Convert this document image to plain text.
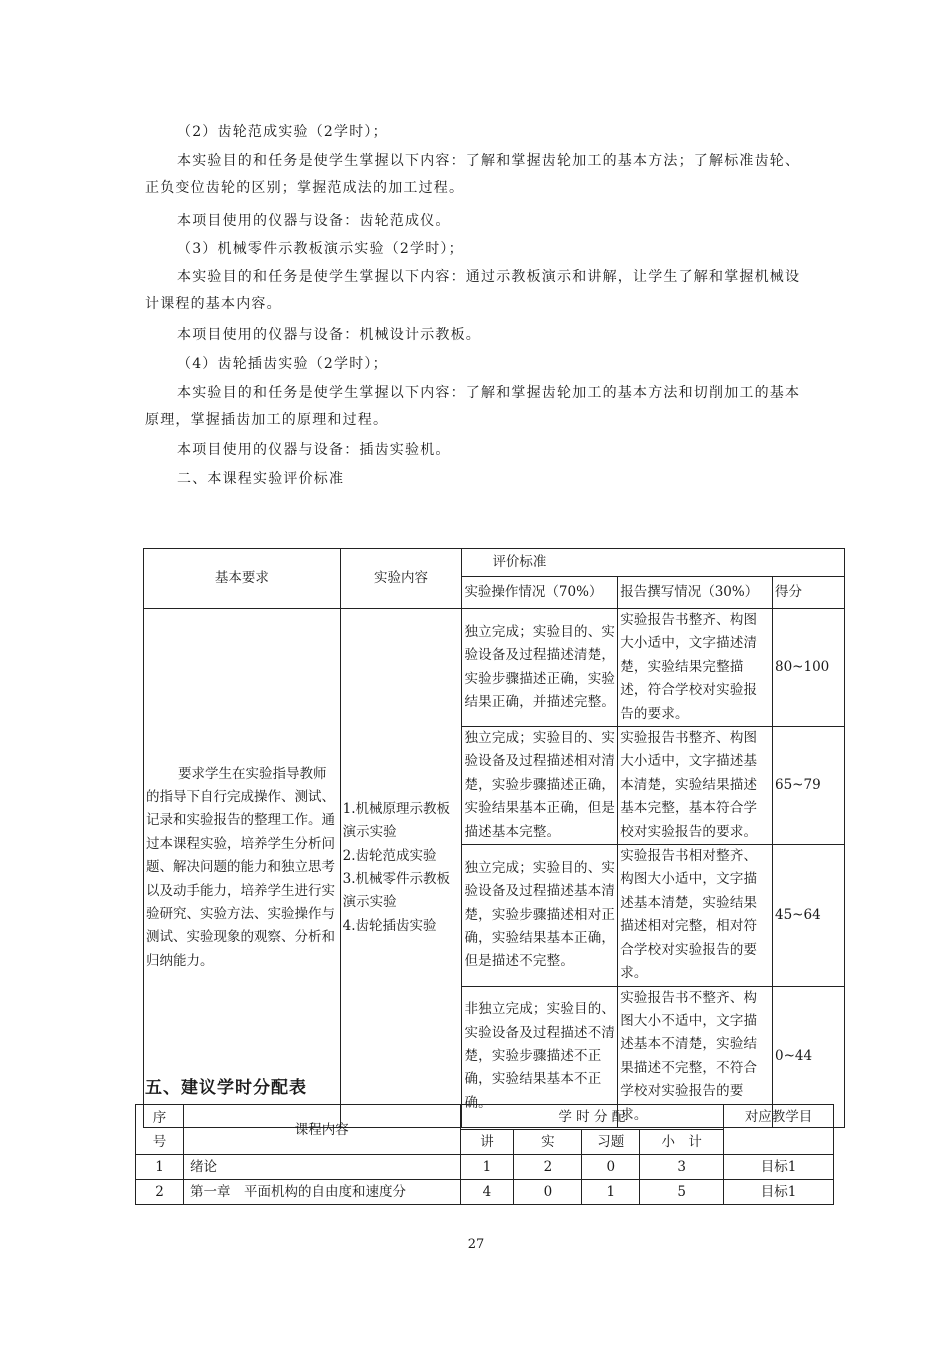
（2）齿轮范成实验（2学时）；
本实验目的和任务是使学生掌握以下内容：了解和掌握齿轮加工的基本方法；了解标准齿轮、正负变位齿轮的区别；掌握范成法的加工过程。
本项目使用的仪器与设备：齿轮范成仪。
（3）机械零件示教板演示实验（2学时）；
本实验目的和任务是使学生掌握以下内容：通过示教板演示和讲解，让学生了解和掌握机械设计课程的基本内容。
本项目使用的仪器与设备：机械设计示教板。
（4）齿轮插齿实验（2学时）；
本实验目的和任务是使学生掌握以下内容：了解和掌握齿轮加工的基本方法和切削加工的基本原理，掌握插齿加工的原理和过程。
本项目使用的仪器与设备：插齿实验机。
二、本课程实验评价标准
基本要求	实验内容	评价标准		
		实验操作情况（70%）	报告撰写情况（30%）	得分
要求学生在实验指导教师的指导下自行完成操作、测试、记录和实验报告的整理工作。通过本课程实验，培养学生分析问题、解决问题的能力和独立思考以及动手能力，培养学生进行实验研究、实验方法、实验操作与测试、实验现象的观察、分析和归纳能力。	1.机械原理示教板演示实验
2.齿轮范成实验
3.机械零件示教板演示实验
4.齿轮插齿实验	独立完成；实验目的、实验设备及过程描述清楚，实验步骤描述正确，实验结果正确，并描述完整。	实验报告书整齐、构图大小适中，文字描述清楚，实验结果完整描述，符合学校对实验报告的要求。	80~100
		独立完成；实验目的、实验设备及过程描述相对清楚，实验步骤描述正确，实验结果基本正确，但是描述基本完整。	实验报告书整齐、构图大小适中，文字描述基本清楚，实验结果描述基本完整，基本符合学校对实验报告的要求。	65~79
		独立完成；实验目的、实验设备及过程描述基本清楚，实验步骤描述相对正确，实验结果基本正确，但是描述不完整。	实验报告书相对整齐、构图大小适中，文字描述基本清楚，实验结果描述相对完整，相对符合学校对实验报告的要求。	45~64
		非独立完成；实验目的、实验设备及过程描述不清楚，实验步骤描述不正确，实验结果基本不正确。	实验报告书不整齐、构图大小不适中，文字描述基本不清楚，实验结果描述不完整，不符合学校对实验报告的要求。	0~44
五、建议学时分配表
序号	课程内容	学 时 分 配				对应教学目
		讲	实	习题	小　计	
1	绪论	1	2	0	3	目标1
2	第一章　平面机构的自由度和速度分	4	0	1	5	目标1
27
